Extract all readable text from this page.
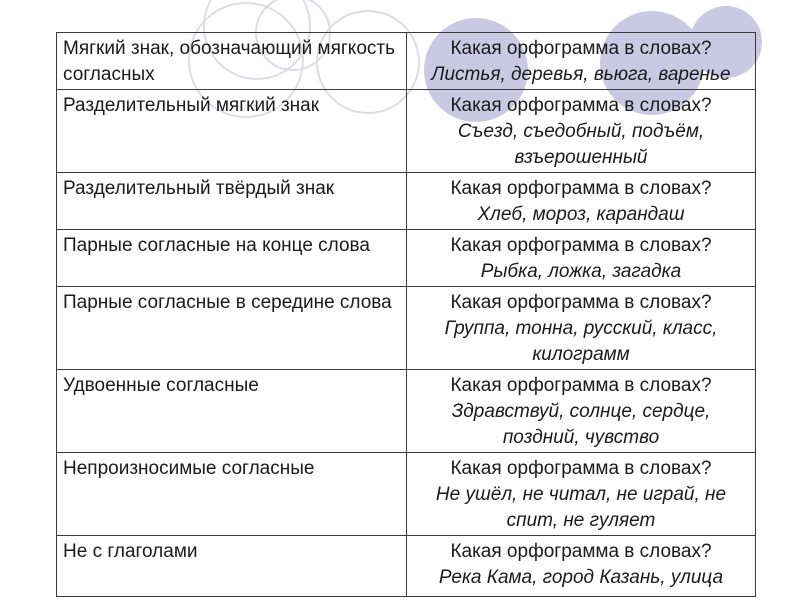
Мягкий знак, обозначающий мягкость согласных	Какая орфограмма в словах?
Листья, деревья, вьюга, варенье

Разделительный мягкий знак	Какая орфограмма в словах?
Съезд, съедобный, подъём, взъерошенный

Разделительный твёрдый знак	Какая орфограмма в словах?
Хлеб, мороз, карандаш

Парные согласные на конце слова	Какая орфограмма в словах?
Рыбка, ложка, загадка

Парные согласные в середине слова	Какая орфограмма в словах?
Группа, тонна, русский, класс, килограмм

Удвоенные согласные	Какая орфограмма в словах?
Здравствуй, солнце, сердце, поздний, чувство

Непроизносимые согласные	Какая орфограмма в словах?
Не ушёл, не читал, не играй, не спит, не гуляет

Не с глаголами	Какая орфограмма в словах?
Река Кама, город Казань, улица
